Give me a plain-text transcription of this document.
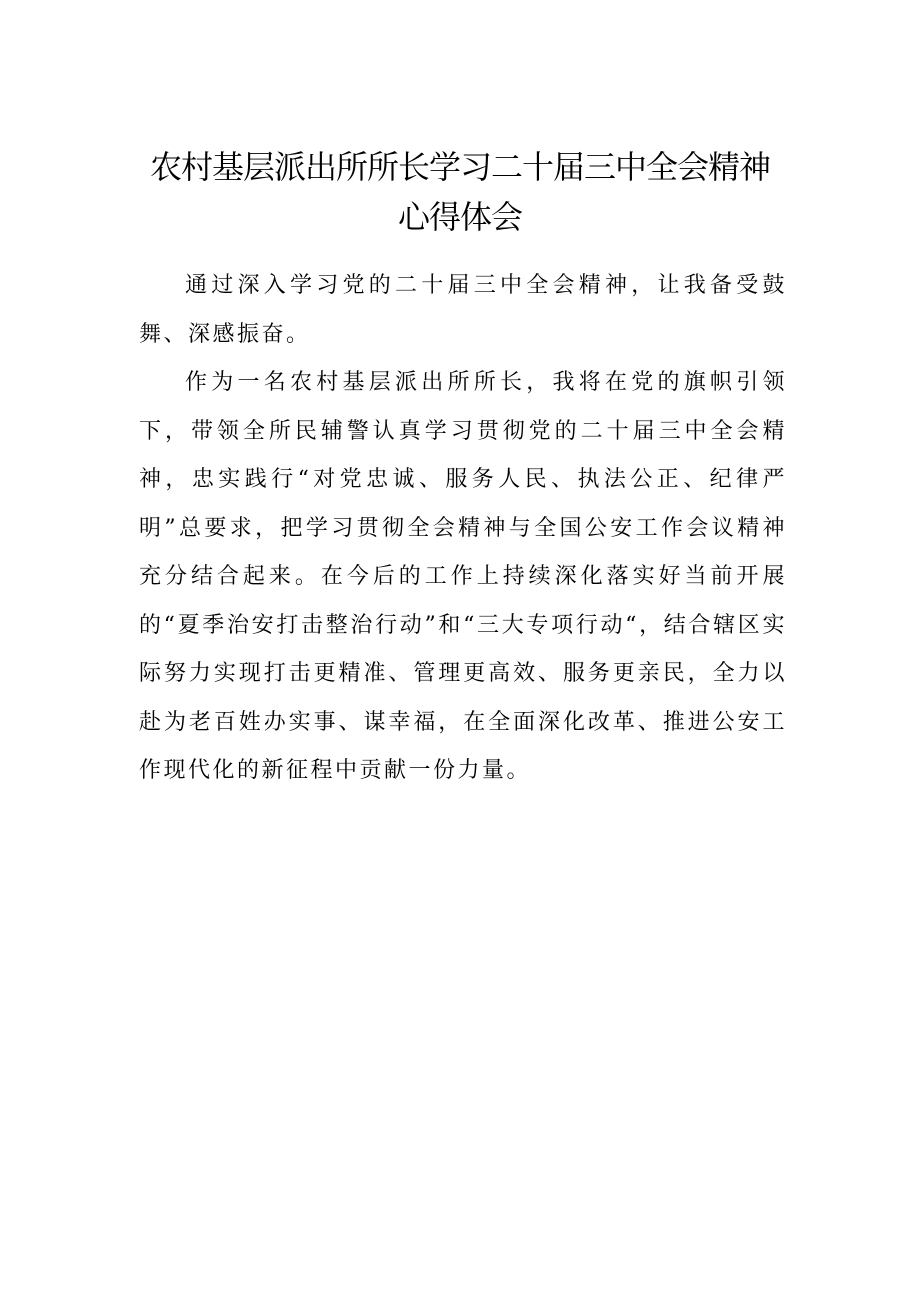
农村基层派出所所长学习二十届三中全会精神
心得体会

通过深入学习党的二十届三中全会精神，让我备受鼓舞、深感振奋。

作为一名农村基层派出所所长，我将在党的旗帜引领下，带领全所民辅警认真学习贯彻党的二十届三中全会精神，忠实践行“对党忠诚、服务人民、执法公正、纪律严明”总要求，把学习贯彻全会精神与全国公安工作会议精神充分结合起来。在今后的工作上持续深化落实好当前开展的“夏季治安打击整治行动”和“三大专项行动“，结合辖区实际努力实现打击更精准、管理更高效、服务更亲民，全力以赴为老百姓办实事、谋幸福，在全面深化改革、推进公安工作现代化的新征程中贡献一份力量。
